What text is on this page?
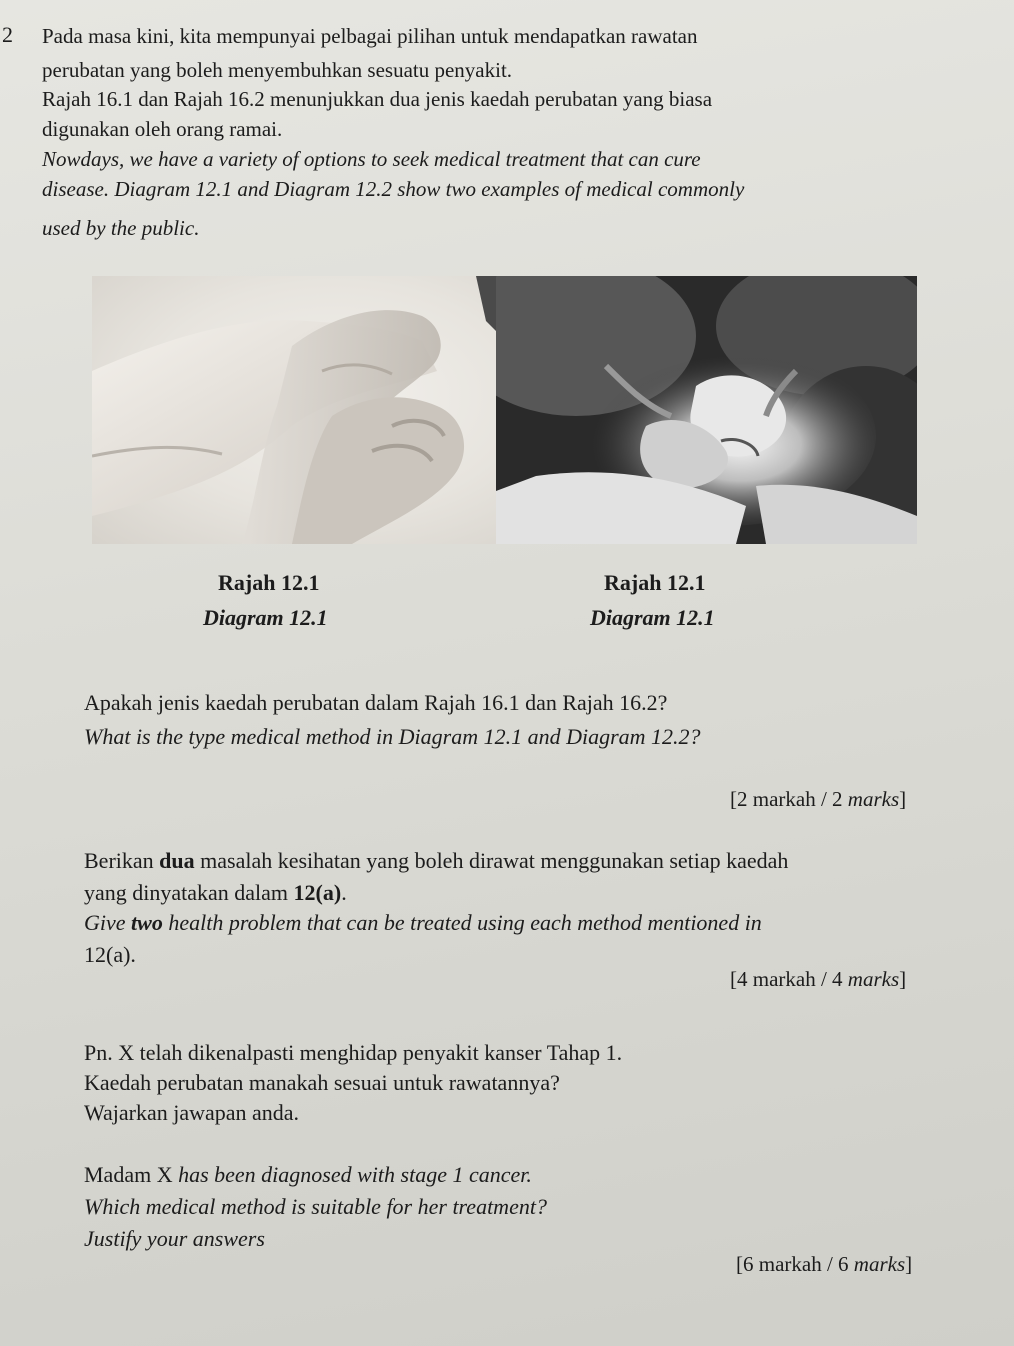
2 Pada masa kini, kita mempunyai pelbagai pilihan untuk mendapatkan rawatan
perubatan yang boleh menyembuhkan sesuatu penyakit.
Rajah 16.1 dan Rajah 16.2 menunjukkan dua jenis kaedah perubatan yang biasa
digunakan oleh orang ramai.
Nowdays, we have a variety of options to seek medical treatment that can cure
disease. Diagram 12.1 and Diagram 12.2 show two examples of medical commonly
used by the public.
Rajah 12.1
Diagram 12.1
Rajah 12.1
Diagram 12.1
Apakah jenis kaedah perubatan dalam Rajah 16.1 dan Rajah 16.2?
What is the type medical method in Diagram 12.1 and Diagram 12.2?
[2 markah / 2 marks]
Berikan dua masalah kesihatan yang boleh dirawat menggunakan setiap kaedah
yang dinyatakan dalam 12(a).
Give two health problem that can be treated using each method mentioned in
12(a).
[4 markah / 4 marks]
Pn. X telah dikenalpasti menghidap penyakit kanser Tahap 1.
Kaedah perubatan manakah sesuai untuk rawatannya?
Wajarkan jawapan anda.
Madam X has been diagnosed with stage 1 cancer.
Which medical method is suitable for her treatment?
Justify your answers
[6 markah / 6 marks]
